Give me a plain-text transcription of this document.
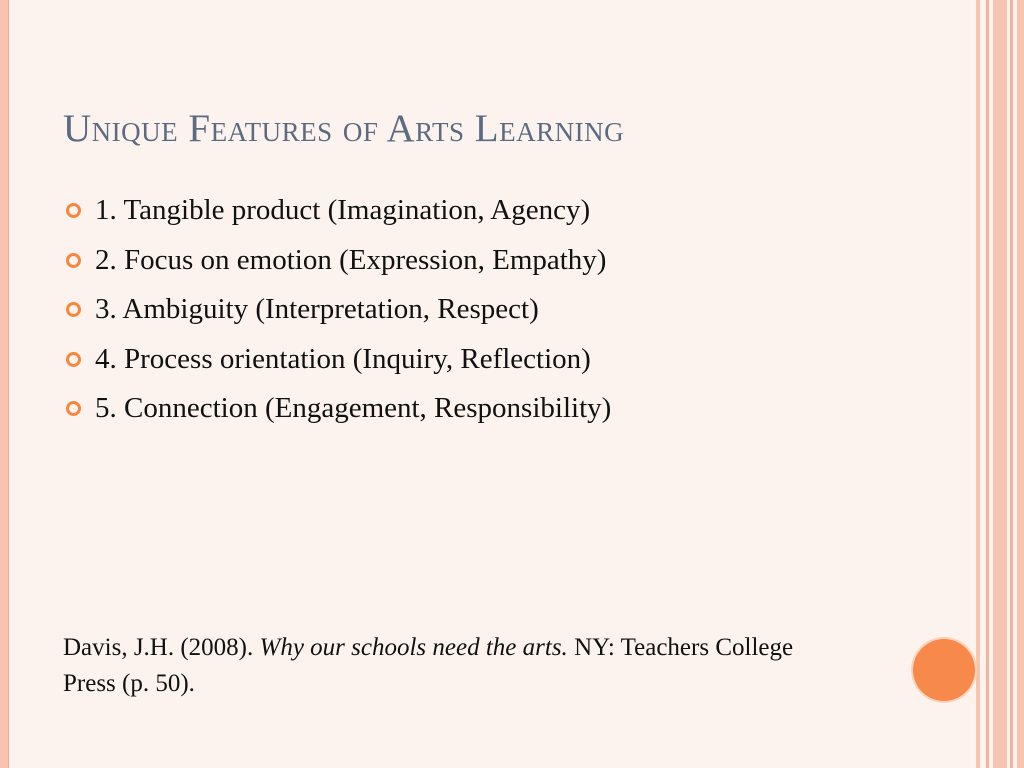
Unique Features of Arts Learning
1. Tangible product (Imagination, Agency)
2. Focus on emotion (Expression, Empathy)
3. Ambiguity (Interpretation, Respect)
4. Process orientation (Inquiry, Reflection)
5. Connection (Engagement, Responsibility)

Davis, J.H. (2008). Why our schools need the arts. NY: Teachers College Press (p. 50).
